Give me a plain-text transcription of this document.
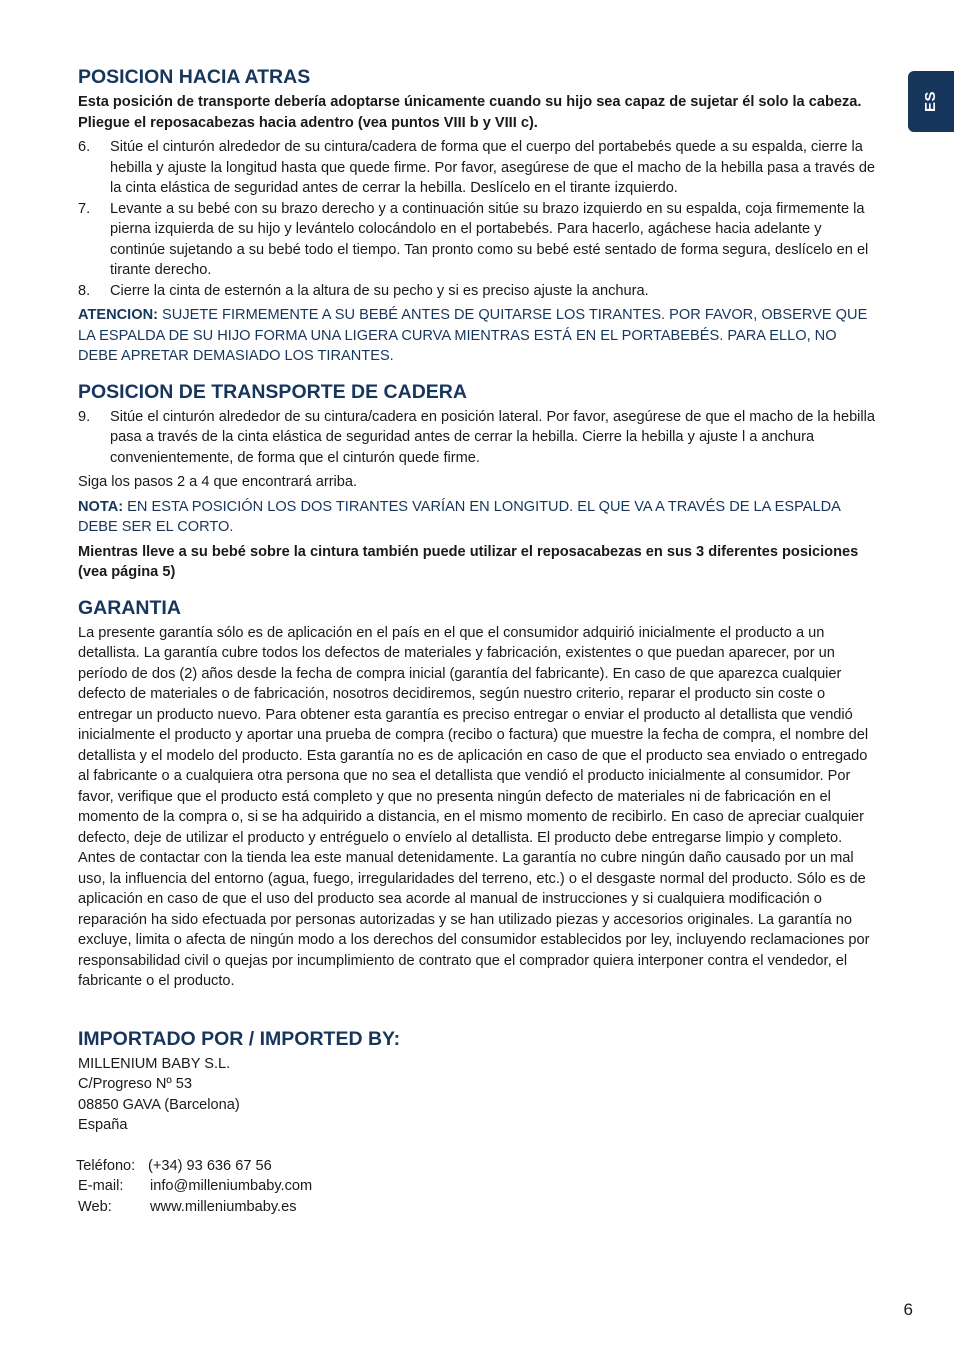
ES
POSICION HACIA ATRAS

Esta posición de transporte debería adoptarse únicamente cuando su hijo sea capaz de sujetar él solo la cabeza. Pliegue el reposacabezas hacia adentro (vea puntos VIII b y VIII c).

6. Sitúe el cinturón alrededor de su cintura/cadera de forma que el cuerpo del portabebés quede a su espalda, cierre la hebilla y ajuste la longitud hasta que quede firme. Por favor, asegúrese de que el macho de la hebilla pasa a través de la cinta elástica de seguridad antes de cerrar la hebilla. Deslícelo en el tirante izquierdo.
7. Levante a su bebé con su brazo derecho y a continuación sitúe su brazo izquierdo en su espalda, coja firmemente la pierna izquierda de su hijo y levántelo colocándolo en el portabebés. Para hacerlo, agáchese hacia adelante y continúe sujetando a su bebé todo el tiempo. Tan pronto como su bebé esté sentado de forma segura, deslícelo en el tirante derecho.
8. Cierre la cinta de esternón a la altura de su pecho y si es preciso ajuste la anchura.

ATENCION: SUJETE FIRMEMENTE A SU BEBÉ ANTES DE QUITARSE LOS TIRANTES. POR FAVOR, OBSERVE QUE LA ESPALDA DE SU HIJO FORMA UNA LIGERA CURVA MIENTRAS ESTÁ EN EL PORTABEBÉS. PARA ELLO, NO DEBE APRETAR DEMASIADO LOS TIRANTES.

POSICION DE TRANSPORTE DE CADERA
9. Sitúe el cinturón alrededor de su cintura/cadera en posición lateral. Por favor, asegúrese de que el macho de la hebilla pasa a través de la cinta elástica de seguridad antes de cerrar la hebilla. Cierre la hebilla y ajuste l a anchura convenientemente, de forma que el cinturón quede firme.

Siga los pasos 2 a 4 que encontrará arriba.

NOTA: EN ESTA POSICIÓN LOS DOS TIRANTES VARÍAN EN LONGITUD. EL QUE VA A TRAVÉS DE LA ESPALDA DEBE SER EL CORTO.

Mientras lleve a su bebé sobre la cintura también puede utilizar el reposacabezas en sus 3 diferentes posiciones (vea página 5)

GARANTIA

La presente garantía sólo es de aplicación en el país en el que el consumidor adquirió inicialmente el producto a un detallista. La garantía cubre todos los defectos de materiales y fabricación, existentes o que puedan aparecer, por un período de dos (2) años desde la fecha de compra inicial (garantía del fabricante). En caso de que aparezca cualquier defecto de materiales o de fabricación, nosotros decidiremos, según nuestro criterio, reparar el producto sin coste o entregar un producto nuevo. Para obtener esta garantía es preciso entregar o enviar el producto al detallista que vendió inicialmente el producto y aportar una prueba de compra (recibo o factura) que muestre la fecha de compra, el nombre del detallista y el modelo del producto. Esta garantía no es de aplicación en caso de que el producto sea enviado o entregado al fabricante o a cualquiera otra persona que no sea el detallista que vendió el producto inicialmente al consumidor. Por favor, verifique que el producto está completo y que no presenta ningún defecto de materiales ni de fabricación en el momento de la compra o, si se ha adquirido a distancia, en el mismo momento de recibirlo. En caso de apreciar cualquier defecto, deje de utilizar el producto y entréguelo o envíelo al detallista. El producto debe entregarse limpio y completo. Antes de contactar con la tienda lea este manual detenidamente. La garantía no cubre ningún daño causado por un mal uso, la influencia del entorno (agua, fuego, irregularidades del terreno, etc.) o el desgaste normal del producto. Sólo es de aplicación en caso de que el uso del producto sea acorde al manual de instrucciones y si cualquiera modificación o reparación ha sido efectuada por personas autorizadas y se han utilizado piezas y accesorios originales. La garantía no excluye, limita o afecta de ningún modo a los derechos del consumidor establecidos por ley, incluyendo reclamaciones por responsabilidad civil o quejas por incumplimiento de contrato que el comprador quiera interponer contra el vendedor, el fabricante o el producto.

IMPORTADO POR / IMPORTED BY:

MILLENIUM BABY S.L.

C/Progreso Nº 53

08850 GAVA (Barcelona)

España

Teléfono: (+34) 93 636 67 56
E-mail:	info@milleniumbaby.com
Web:	www.milleniumbaby.es
6
